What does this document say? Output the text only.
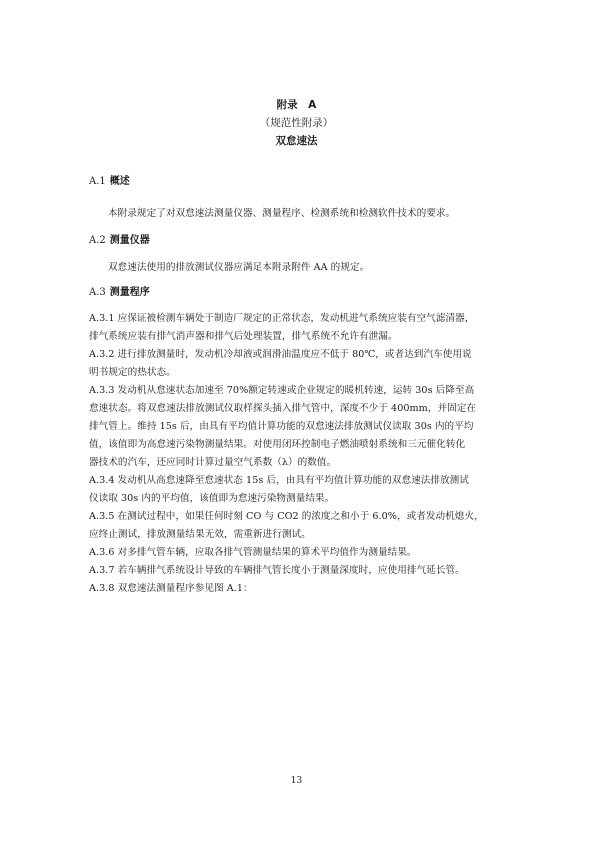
附录　A
（规范性附录）
双怠速法
A.1 概述
本附录规定了对双怠速法测量仪器、测量程序、检测系统和检测软件技术的要求。
A.2 测量仪器
双怠速法使用的排放测试仪器应满足本附录附件 AA 的规定。
A.3 测量程序
A.3.1 应保证被检测车辆处于制造厂规定的正常状态，发动机进气系统应装有空气滤清器，
排气系统应装有排气消声器和排气后处理装置，排气系统不允许有泄漏。
A.3.2 进行排放测量时，发动机冷却液或润滑油温度应不低于 80℃，或者达到汽车使用说
明书规定的热状态。
A.3.3 发动机从怠速状态加速至 70%额定转速或企业规定的暖机转速，运转 30s 后降至高
怠速状态。将双怠速法排放测试仪取样探头插入排气管中，深度不少于 400mm，并固定在
排气管上。维持 15s 后，由具有平均值计算功能的双怠速法排放测试仪读取 30s 内的平均
值，该值即为高怠速污染物测量结果。对使用闭环控制电子燃油喷射系统和三元催化转化
器技术的汽车，还应同时计算过量空气系数（λ）的数值。
A.3.4 发动机从高怠速降至怠速状态 15s 后，由具有平均值计算功能的双怠速法排放测试
仪读取 30s 内的平均值，该值即为怠速污染物测量结果。
A.3.5 在测试过程中，如果任何时刻 CO 与 CO2 的浓度之和小于 6.0%，或者发动机熄火，
应终止测试，排放测量结果无效，需重新进行测试。
A.3.6 对多排气管车辆，应取各排气管测量结果的算术平均值作为测量结果。
A.3.7 若车辆排气系统设计导致的车辆排气管长度小于测量深度时，应使用排气延长管。
A.3.8 双怠速法测量程序参见图 A.1：
13
